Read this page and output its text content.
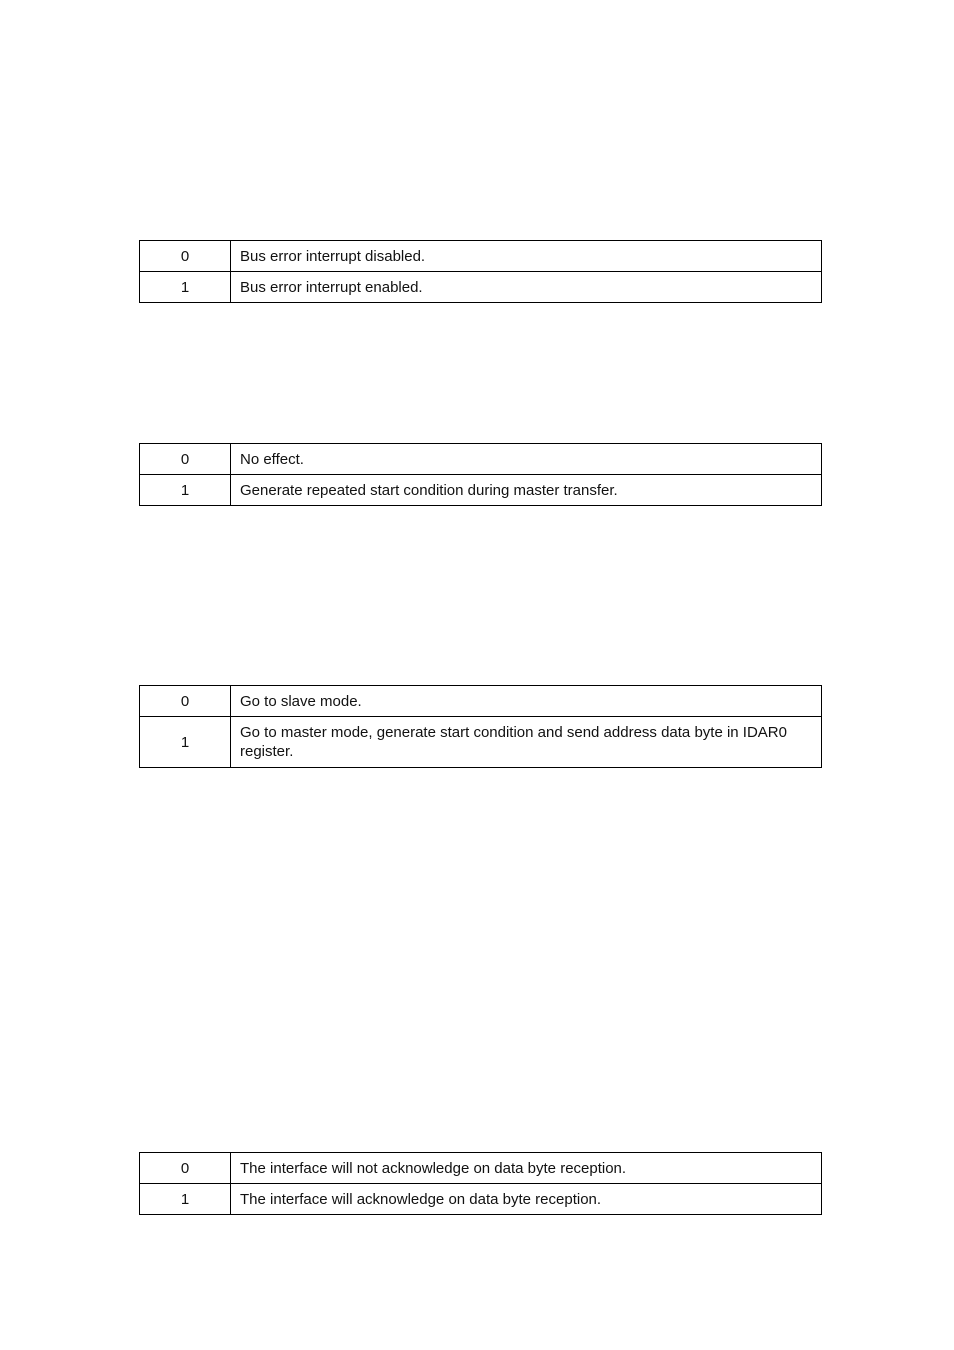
0	Bus error interrupt disabled.
1	Bus error interrupt enabled.
0	No effect.
1	Generate repeated start condition during master transfer.
0	Go to slave mode.
1	Go to master mode, generate start condition and send address data byte in IDAR0 register.
0	The interface will not acknowledge on data byte reception.
1	The interface will acknowledge on data byte reception.
